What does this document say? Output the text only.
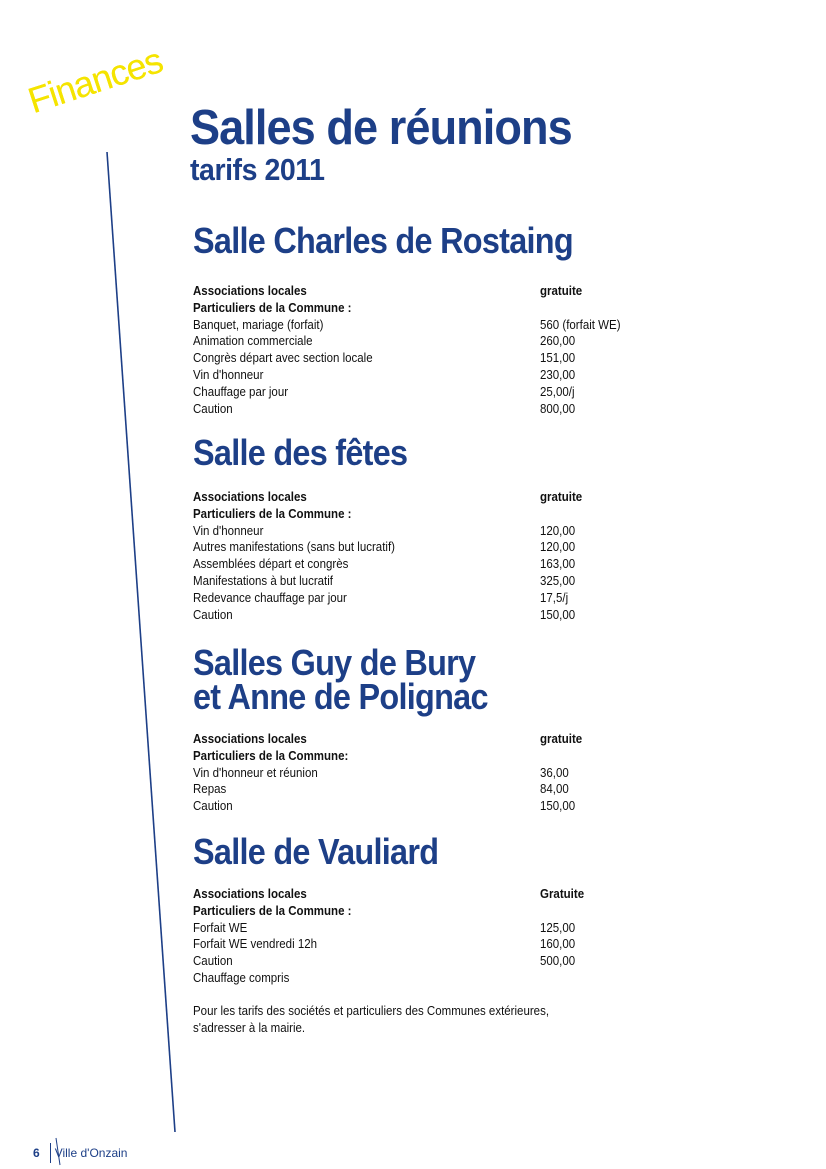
Finances
Salles de réunions
tarifs 2011
Salle Charles de Rostaing
Associations locales	gratuite
Particuliers de la Commune :
Banquet, mariage (forfait)	560 (forfait WE)
Animation commerciale	260,00
Congrès départ avec section locale	151,00
Vin d'honneur	230,00
Chauffage par jour	25,00/j
Caution	800,00
Salle des fêtes
Associations locales	gratuite
Particuliers de la Commune :
Vin d'honneur	120,00
Autres manifestations (sans but lucratif)	120,00
Assemblées départ et congrès	163,00
Manifestations à but lucratif	325,00
Redevance chauffage par jour	17,5/j
Caution	150,00
Salles Guy de Bury
et Anne de Polignac
Associations locales	gratuite
Particuliers de la Commune:
Vin d'honneur et réunion	36,00
Repas	84,00
Caution	150,00
Salle de Vauliard
Associations locales	Gratuite
Particuliers de la Commune :
Forfait WE	125,00
Forfait WE vendredi 12h	160,00
Caution	500,00
Chauffage compris
Pour les tarifs des sociétés et particuliers des Communes extérieures,
s'adresser à la mairie.
6	Ville d'Onzain
